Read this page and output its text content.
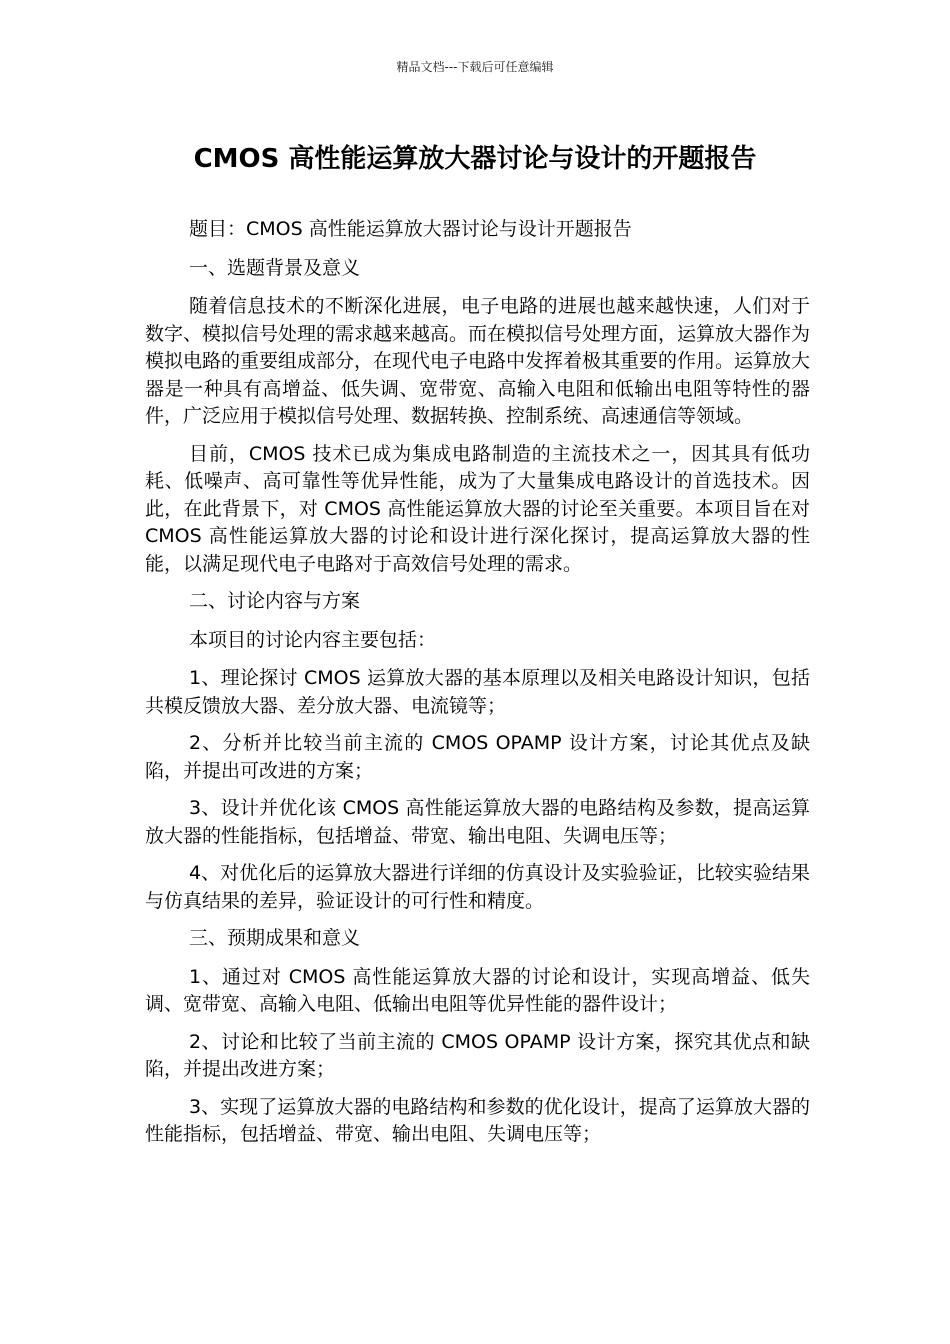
精品文档---下载后可任意编辑
CMOS 高性能运算放大器讨论与设计的开题报告

题目：CMOS 高性能运算放大器讨论与设计开题报告

一、选题背景及意义

随着信息技术的不断深化进展，电子电路的进展也越来越快速，人们对于数字、模拟信号处理的需求越来越高。而在模拟信号处理方面，运算放大器作为模拟电路的重要组成部分，在现代电子电路中发挥着极其重要的作用。运算放大器是一种具有高增益、低失调、宽带宽、高输入电阻和低输出电阻等特性的器件，广泛应用于模拟信号处理、数据转换、控制系统、高速通信等领域。

目前，CMOS 技术已成为集成电路制造的主流技术之一，因其具有低功耗、低噪声、高可靠性等优异性能，成为了大量集成电路设计的首选技术。因此，在此背景下，对 CMOS 高性能运算放大器的讨论至关重要。本项目旨在对 CMOS 高性能运算放大器的讨论和设计进行深化探讨，提高运算放大器的性能，以满足现代电子电路对于高效信号处理的需求。

二、讨论内容与方案

本项目的讨论内容主要包括：

1、理论探讨 CMOS 运算放大器的基本原理以及相关电路设计知识，包括共模反馈放大器、差分放大器、电流镜等；

2、分析并比较当前主流的 CMOS OPAMP 设计方案，讨论其优点及缺陷，并提出可改进的方案；

3、设计并优化该 CMOS 高性能运算放大器的电路结构及参数，提高运算放大器的性能指标，包括增益、带宽、输出电阻、失调电压等；

4、对优化后的运算放大器进行详细的仿真设计及实验验证，比较实验结果与仿真结果的差异，验证设计的可行性和精度。

三、预期成果和意义

1、通过对 CMOS 高性能运算放大器的讨论和设计，实现高增益、低失调、宽带宽、高输入电阻、低输出电阻等优异性能的器件设计；

2、讨论和比较了当前主流的 CMOS OPAMP 设计方案，探究其优点和缺陷，并提出改进方案；

3、实现了运算放大器的电路结构和参数的优化设计，提高了运算放大器的性能指标，包括增益、带宽、输出电阻、失调电压等；
